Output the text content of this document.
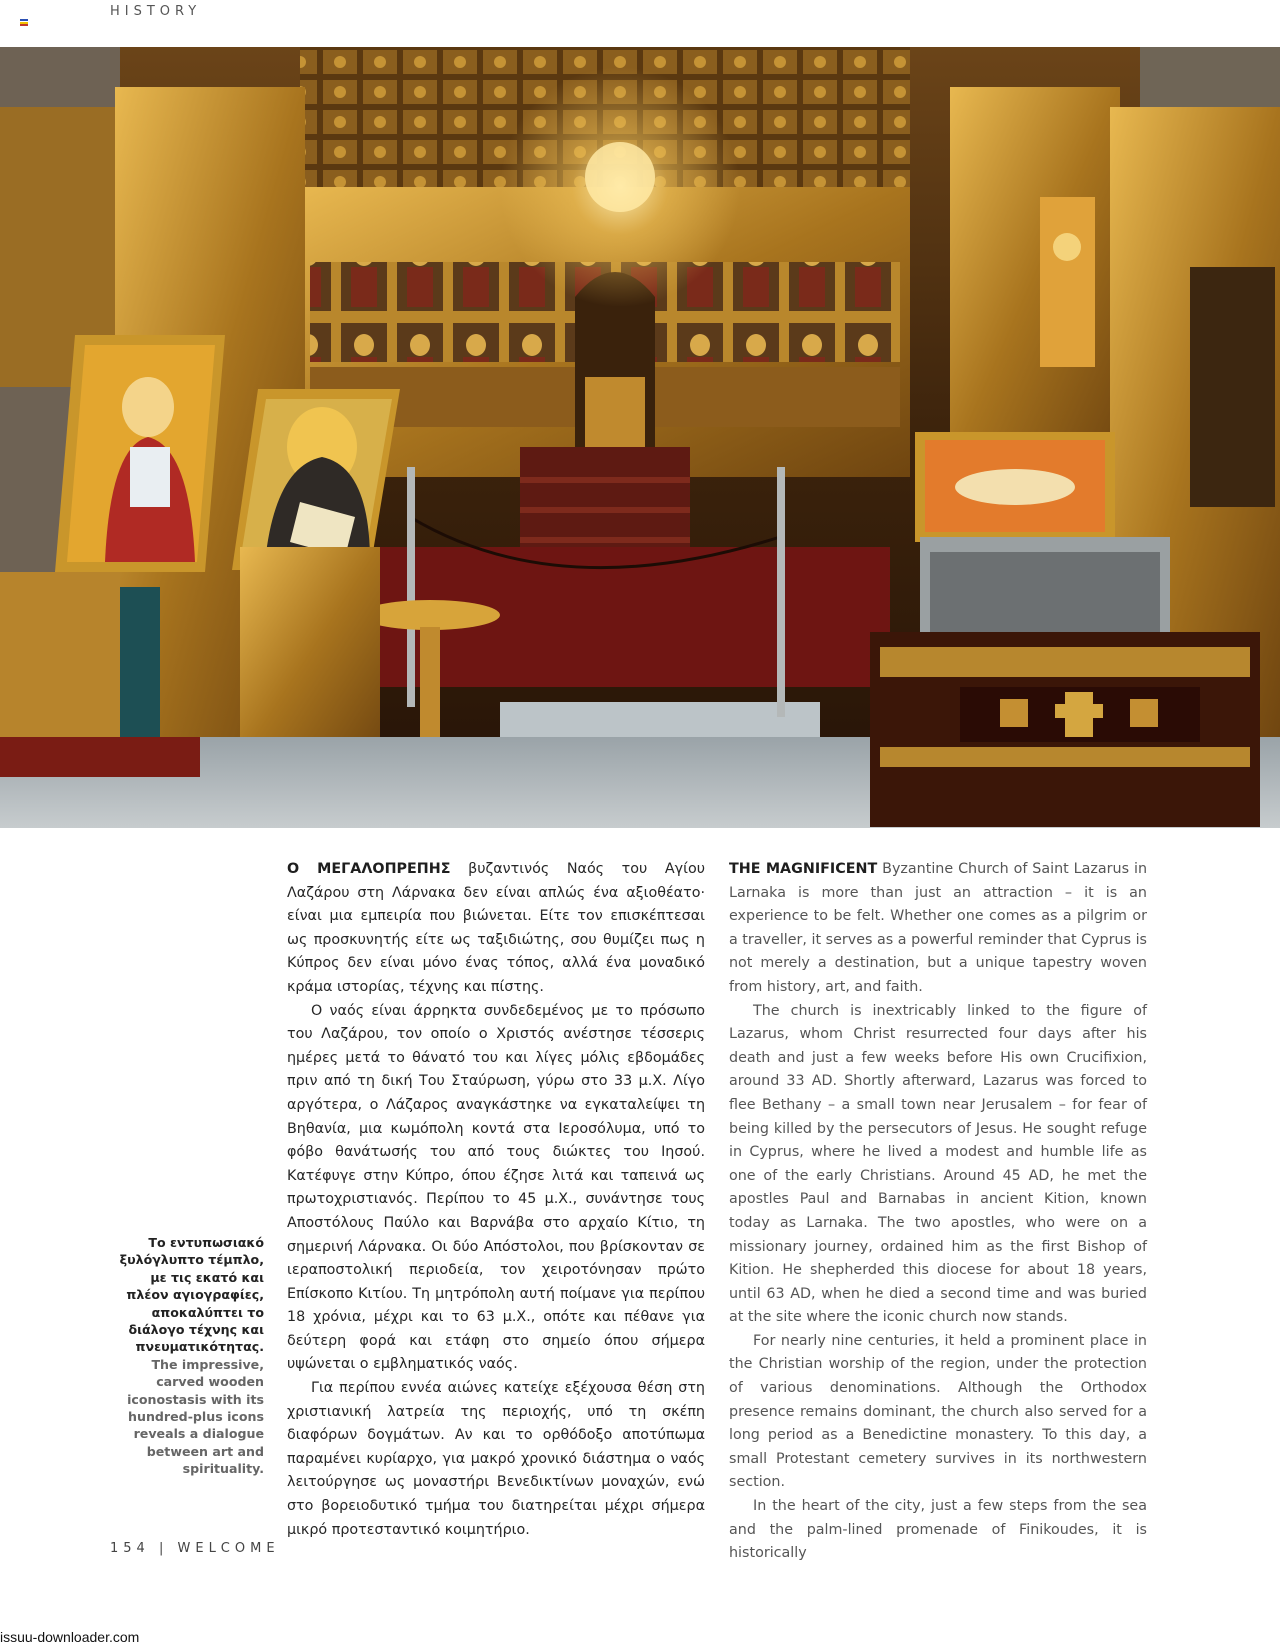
HISTORY
Το εντυπωσιακό ξυλόγλυπτο τέμπλο, με τις εκατό και πλέον αγιογραφίες, αποκαλύπτει το διάλογο τέχνης και πνευματικότητας.
The impressive, carved wooden iconostasis with its hundred-plus icons reveals a dialogue between art and spirituality.

Ο ΜΕΓΑΛΟΠΡΕΠΗΣ βυζαντινός Ναός του Αγίου Λαζάρου στη Λάρνακα δεν είναι απλώς ένα αξιοθέατο· είναι μια εμπειρία που βιώνεται. Είτε τον επισκέπτεσαι ως προσκυνητής είτε ως ταξιδιώτης, σου θυμίζει πως η Κύπρος δεν είναι μόνο ένας τόπος, αλλά ένα μοναδικό κράμα ιστορίας, τέχνης και πίστης.

Ο ναός είναι άρρηκτα συνδεδεμένος με το πρόσωπο του Λαζάρου, τον οποίο ο Χριστός ανέστησε τέσσερις ημέρες μετά το θάνατό του και λίγες μόλις εβδομάδες πριν από τη δική Του Σταύρωση, γύρω στο 33 μ.Χ. Λίγο αργότερα, ο Λάζαρος αναγκάστηκε να εγκαταλείψει τη Βηθανία, μια κωμόπολη κοντά στα Ιεροσόλυμα, υπό το φόβο θανάτωσής του από τους διώκτες του Ιησού. Κατέφυγε στην Κύπρο, όπου έζησε λιτά και ταπεινά ως πρωτοχριστιανός. Περίπου το 45 μ.Χ., συνάντησε τους Αποστόλους Παύλο και Βαρνάβα στο αρχαίο Κίτιο, τη σημερινή Λάρνακα. Οι δύο Απόστολοι, που βρίσκονταν σε ιεραποστολική περιοδεία, τον χειροτόνησαν πρώτο Επίσκοπο Κιτίου. Τη μητρόπολη αυτή ποίμανε για περίπου 18 χρόνια, μέχρι και το 63 μ.Χ., οπότε και πέθανε για δεύτερη φορά και ετάφη στο σημείο όπου σήμερα υψώνεται ο εμβληματικός ναός.

Για περίπου εννέα αιώνες κατείχε εξέχουσα θέση στη χριστιανική λατρεία της περιοχής, υπό τη σκέπη διαφόρων δογμάτων. Αν και το ορθόδοξο αποτύπωμα παραμένει κυρίαρχο, για μακρό χρονικό διάστημα ο ναός λειτούργησε ως μοναστήρι Βενεδικτίνων μοναχών, ενώ στο βορειοδυτικό τμήμα του διατηρείται μέχρι σήμερα μικρό προτεσταντικό κοιμητήριο.

THE MAGNIFICENT Byzantine Church of Saint Lazarus in Larnaka is more than just an attraction – it is an experience to be felt. Whether one comes as a pilgrim or a traveller, it serves as a powerful reminder that Cyprus is not merely a destination, but a unique tapestry woven from history, art, and faith.

The church is inextricably linked to the figure of Lazarus, whom Christ resurrected four days after his death and just a few weeks before His own Crucifixion, around 33 AD. Shortly afterward, Lazarus was forced to flee Bethany – a small town near Jerusalem – for fear of being killed by the persecutors of Jesus. He sought refuge in Cyprus, where he lived a modest and humble life as one of the early Christians. Around 45 AD, he met the apostles Paul and Barnabas in ancient Kition, known today as Larnaka. The two apostles, who were on a missionary journey, ordained him as the first Bishop of Kition. He shepherded this diocese for about 18 years, until 63 AD, when he died a second time and was buried at the site where the iconic church now stands.

For nearly nine centuries, it held a prominent place in the Christian worship of the region, under the protection of various denominations. Although the Orthodox presence remains dominant, the church also served for a long period as a Benedictine monastery. To this day, a small Protestant cemetery survives in its northwestern section.

In the heart of the city, just a few steps from the sea and the palm-lined promenade of Finikoudes, it is historically

154 | WELCOME
issuu-downloader.com
